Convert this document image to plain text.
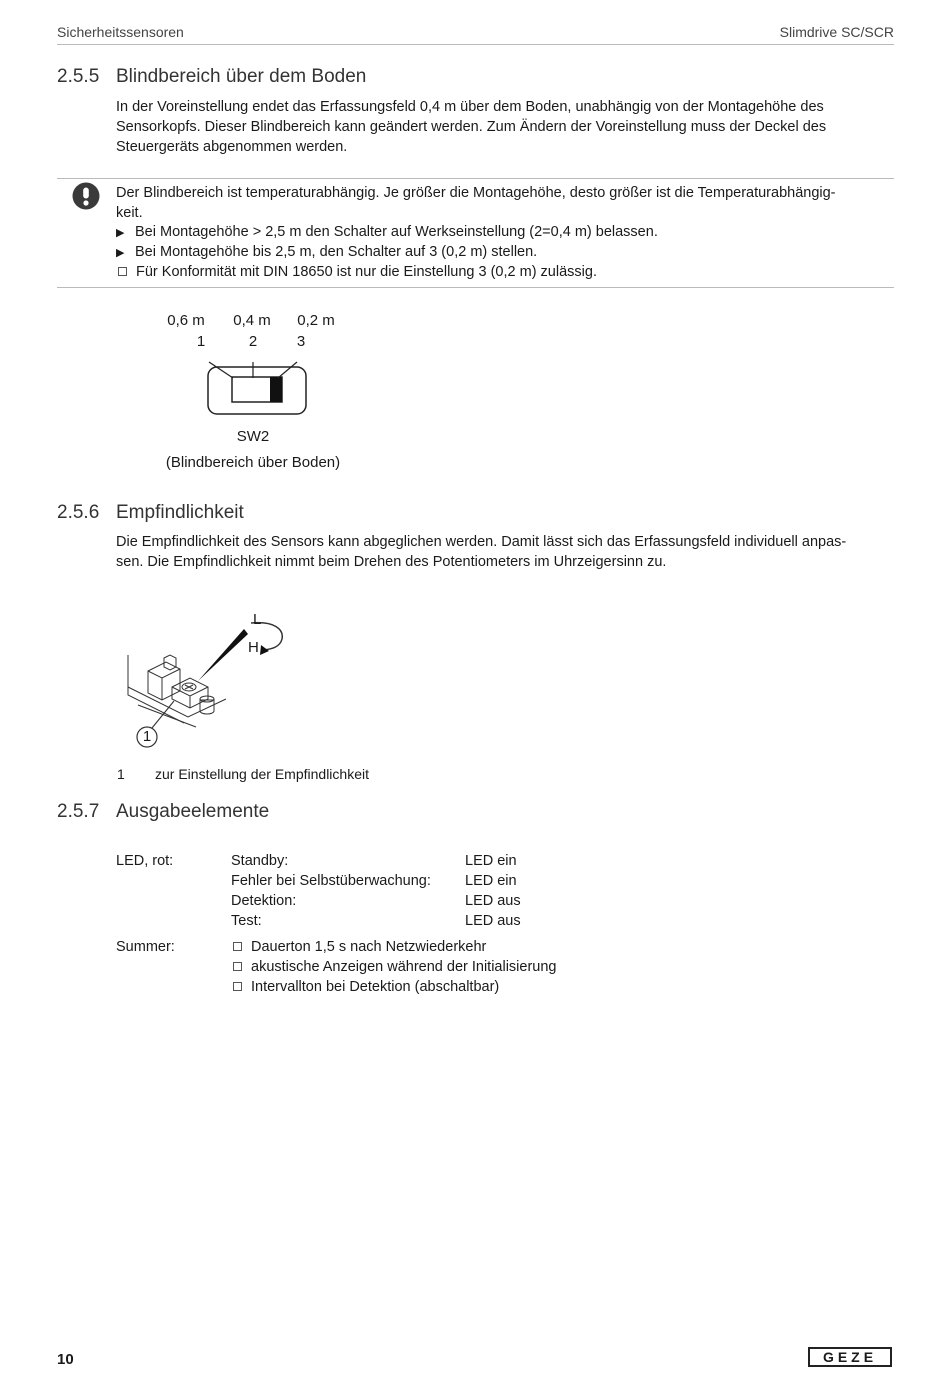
Sicherheitssensoren	Slimdrive SC/SCR
2.5.5 Blindbereich über dem Boden

In der Voreinstellung endet das Erfassungsfeld 0,4 m über dem Boden, unabhängig von der Montagehöhe des Sensorkopfs. Dieser Blindbereich kann geändert werden. Zum Ändern der Voreinstellung muss der Deckel des Steuergeräts abgenommen werden.

Der Blindbereich ist temperaturabhängig. Je größer die Montagehöhe, desto größer ist die Temperaturabhängig-
keit.
▶ Bei Montagehöhe > 2,5 m den Schalter auf Werkseinstellung (2=0,4 m) belassen.
▶ Bei Montagehöhe bis 2,5 m, den Schalter auf 3 (0,2 m) stellen.
Für Konformität mit DIN 18650 ist nur die Einstellung 3 (0,2 m) zulässig.
0,6 m	0,4 m	0,2 m
1	2	3
SW2
(Blindbereich über Boden)
2.5.6 Empfindlichkeit
Die Empfindlichkeit des Sensors kann abgeglichen werden. Damit lässt sich das Erfassungsfeld individuell anpas-
sen. Die Empfindlichkeit nimmt beim Drehen des Potentiometers im Uhrzeigersinn zu.
L
H
1
1 zur Einstellung der Empfindlichkeit
2.5.7 Ausgabeelemente
LED, rot:	Standby:	LED ein
Fehler bei Selbstüberwachung: LED ein
Detektion:	LED aus
Test:	LED aus
Summer:	Dauerton 1,5 s nach Netzwiederkehr
akustische Anzeigen während der Initialisierung
Intervallton bei Detektion (abschaltbar)
10	GEZE
